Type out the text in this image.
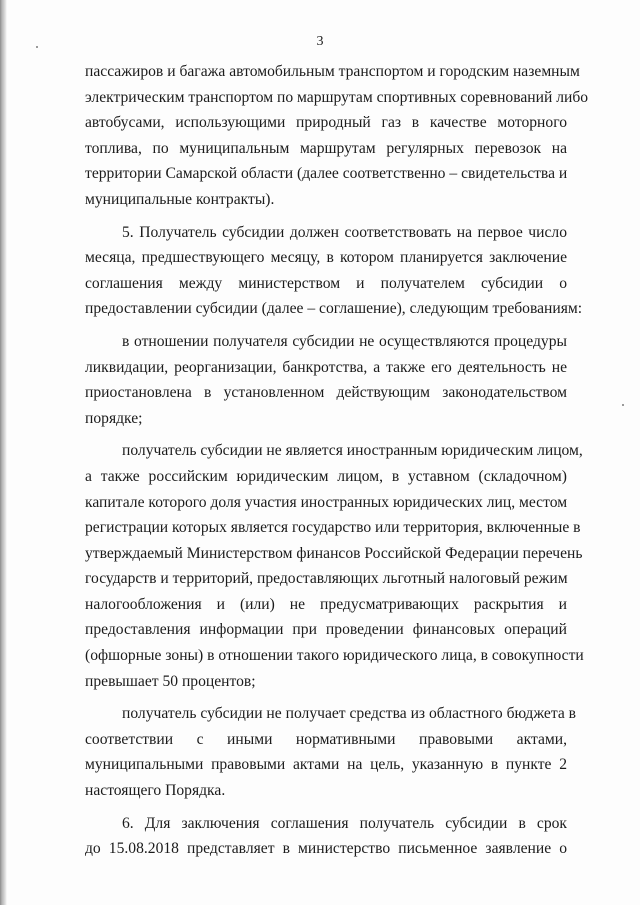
3
пассажиров и багажа автомобильным транспортом и городским наземным
электрическим транспортом по маршрутам спортивных соревнований либо
автобусами, использующими природный газ в качестве моторного
топлива, по муниципальным маршрутам регулярных перевозок на
территории Самарской области (далее соответственно – свидетельства и
муниципальные контракты).
5. Получатель субсидии должен соответствовать на первое число
месяца, предшествующего месяцу, в котором планируется заключение
соглашения между министерством и получателем субсидии о
предоставлении субсидии (далее – соглашение), следующим требованиям:
в отношении получателя субсидии не осуществляются процедуры
ликвидации, реорганизации, банкротства, а также его деятельность не
приостановлена в установленном действующим законодательством
порядке;
получатель субсидии не является иностранным юридическим лицом,
а также российским юридическим лицом, в уставном (складочном)
капитале которого доля участия иностранных юридических лиц, местом
регистрации которых является государство или территория, включенные в
утверждаемый Министерством финансов Российской Федерации перечень
государств и территорий, предоставляющих льготный налоговый режим
налогообложения и (или) не предусматривающих раскрытия и
предоставления информации при проведении финансовых операций
(офшорные зоны) в отношении такого юридического лица, в совокупности
превышает 50 процентов;
получатель субсидии не получает средства из областного бюджета в
соответствии с иными нормативными правовыми актами,
муниципальными правовыми актами на цель, указанную в пункте 2
настоящего Порядка.
6. Для заключения соглашения получатель субсидии в срок
до 15.08.2018 представляет в министерство письменное заявление о
